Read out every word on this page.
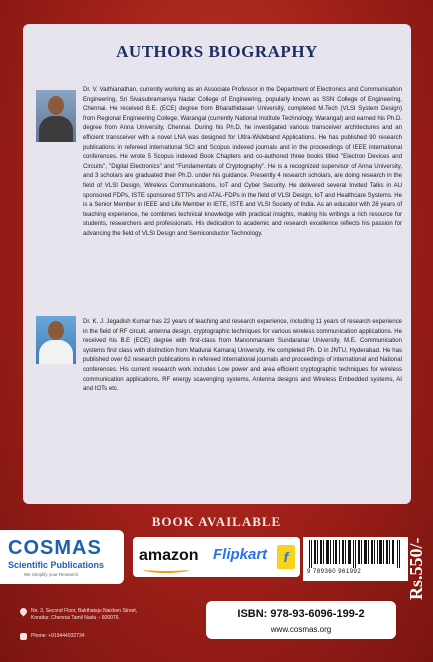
AUTHORS BIOGRAPHY

Dr. V. Vaithianathan, currently working as an Associate Professor in the Department of Electronics and Communication Engineering, Sri Sivasubramaniya Nadar College of Engineering, popularly known as SSN College of Engineering, Chennai. He received B.E. (ECE) degree from Bharathidasan University, completed M.Tech (VLSI System Design) from Regional Engineering College, Warangal (currently National Institute Technology, Warangal) and earned his Ph.D. degree from Anna University, Chennai. During his Ph.D, he investigated various transceiver architectures and an efficient transceiver with a novel LNA was designed for Ultra-Wideband Applications. He has published 90 research publications in refereed international SCI and Scopus indexed journals and in the proceedings of IEEE international conferences. He wrote 5 Scopus indexed Book Chapters and co-authored three books titled "Electron Devices and Circuits", "Digital Electronics" and "Fundamentals of Cryptography". He is a recognized supervisor of Anna University, and 3 scholars are graduated their Ph.D. under his guidance. Presently 4 research scholars, are doing research in the field of VLSI Design, Wireless Communications, IoT and Cyber Security. He delivered several Invited Talks in AU sponsored FDPs, ISTE sponsored STTPs and ATAL-FDPs in the field of VLSI Design, IoT and Healthcare Systems. He is a Senior Member in IEEE and Life Member in IETE, ISTE and VLSI Society of India. As an educator with 28 years of teaching experience, he combines technical knowledge with practical insights, making his writings a rich resource for students, researchers and professionals. His dedication to academic and research excellence reflects his passion for advancing the field of VLSI Design and Semiconductor Technology.

Dr. K. J. Jegadish Kumar has 22 years of teaching and research experience, including 11 years of research experience in the field of RF circuit, antenna design, cryptographic techniques for various wireless communication applications. He received his B.E (ECE) degree with first-class from Manonmaniam Sundaranar University, M.E. Communication systems first class with distinction from Madurai Kamaraj University. He completed Ph. D in JNTU, Hyderabad. He has published over 62 research publications in refereed international journals and proceedings of international and National conferences. His current research work includes Low power and area efficient cryptographic techniques for wireless communication applications, RF energy scavenging systems, Antenna designs and Wireless Embedded systems, AI and IOTs etc.

BOOK AVAILABLE
COSMAS
Scientific Publications
We Simplify your Research
amazon Flipkart	f
9 789360 961992 Rs.550/-
No. 3, Second Floor, Bakthataju Naicken Street, Korattur, Chennai Tamil Nadu – 600076.
Phone: +919444932734
ISBN: 978-93-6096-199-2
www.cosmas.org
